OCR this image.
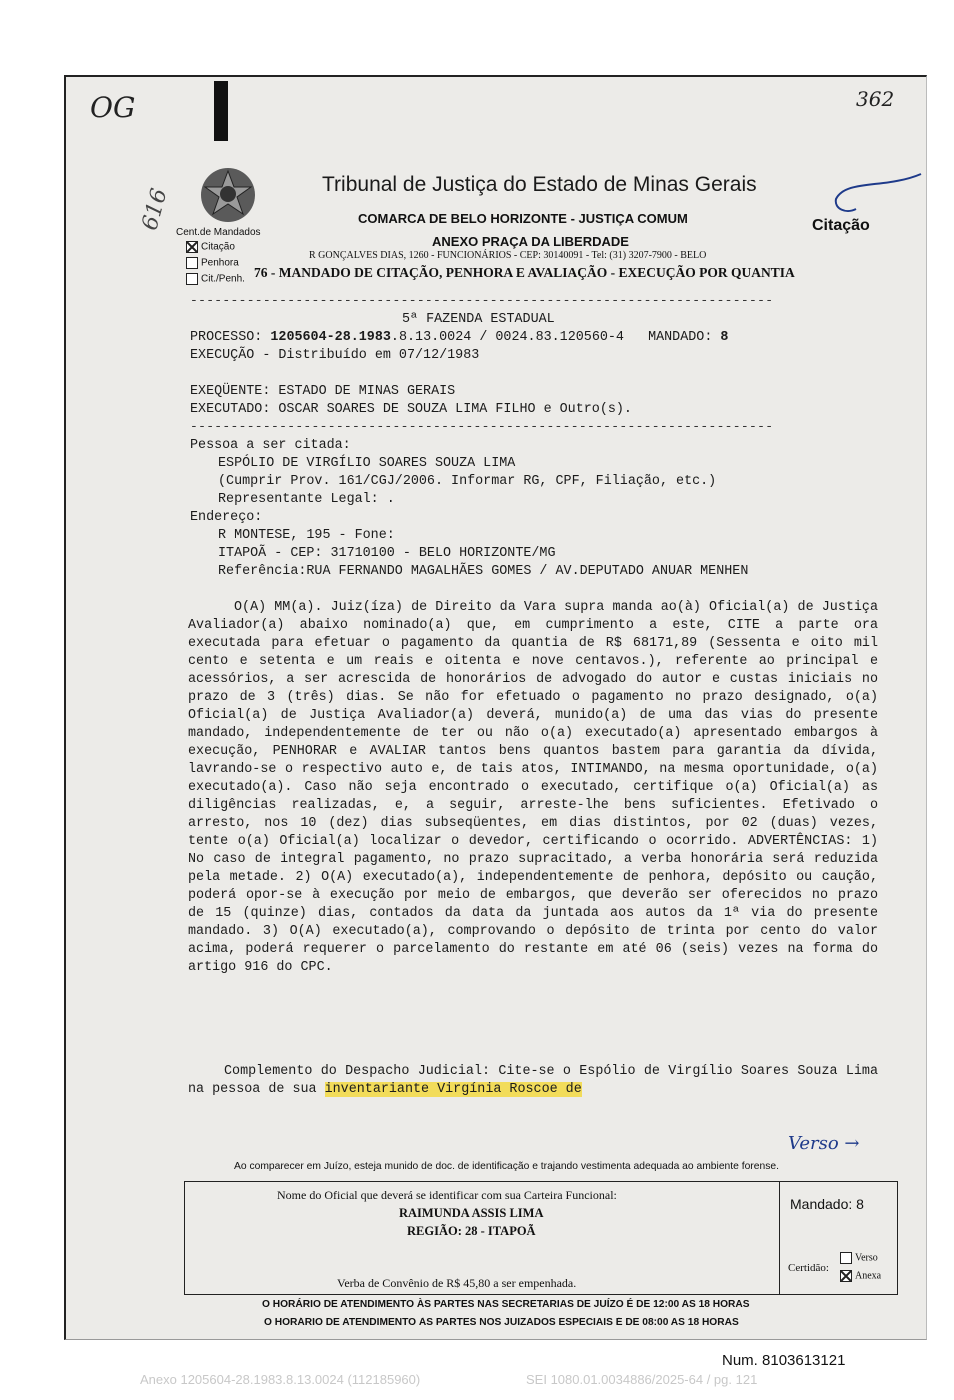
OG	362
616
Tribunal de Justiça do Estado de Minas Gerais
COMARCA DE BELO HORIZONTE - JUSTIÇA COMUM
ANEXO PRAÇA DA LIBERDADE
R GONÇALVES DIAS, 1260 - FUNCIONÁRIOS - CEP: 30140091 - Tel: (31) 3207-7900 - BELO
76 - MANDADO DE CITAÇÃO, PENHORA E AVALIAÇÃO - EXECUÇÃO POR QUANTIA
Citação
Cent.de Mandados
Citação
Penhora
Cit./Penh.
------------------------------------------------------------------------
5ª FAZENDA ESTADUAL
PROCESSO: 1205604-28.1983.8.13.0024 / 0024.83.120560-4 MANDADO: 8
EXECUÇÃO - Distribuído em 07/12/1983
EXEQÜENTE: ESTADO DE MINAS GERAIS
EXECUTADO: OSCAR SOARES DE SOUZA LIMA FILHO e Outro(s).
------------------------------------------------------------------------
Pessoa a ser citada:
ESPÓLIO DE VIRGÍLIO SOARES SOUZA LIMA
(Cumprir Prov. 161/CGJ/2006. Informar RG, CPF, Filiação, etc.)
Representante Legal: .
Endereço:
R MONTESE, 195 - Fone:
ITAPOÃ - CEP: 31710100 - BELO HORIZONTE/MG
Referência:RUA FERNANDO MAGALHÃES GOMES / AV.DEPUTADO ANUAR MENHEN
O(A) MM(a). Juiz(íza) de Direito da Vara supra manda ao(à) Oficial(a) de Justiça Avaliador(a) abaixo nominado(a) que, em cumprimento a este, CITE a parte ora executada para efetuar o pagamento da quantia de R$ 68171,89 (Sessenta e oito mil cento e setenta e um reais e oitenta e nove centavos.), referente ao principal e acessórios, a ser acrescida de honorários de advogado do autor e custas iniciais no prazo de 3 (três) dias. Se não for efetuado o pagamento no prazo designado, o(a) Oficial(a) de Justiça Avaliador(a) deverá, munido(a) de uma das vias do presente mandado, independentemente de ter ou não o(a) executado(a) apresentado embargos à execução, PENHORAR e AVALIAR tantos bens quantos bastem para garantia da dívida, lavrando-se o respectivo auto e, de tais atos, INTIMANDO, na mesma oportunidade, o(a) executado(a). Caso não seja encontrado o executado, certifique o(a) Oficial(a) as diligências realizadas, e, a seguir, arreste-lhe bens suficientes. Efetivado o arresto, nos 10 (dez) dias subseqüentes, em dias distintos, por 02 (duas) vezes, tente o(a) Oficial(a) localizar o devedor, certificando o ocorrido. ADVERTÊNCIAS: 1) No caso de integral pagamento, no prazo supracitado, a verba honorária será reduzida pela metade. 2) O(A) executado(a), independentemente de penhora, depósito ou caução, poderá opor-se à execução por meio de embargos, que deverão ser oferecidos no prazo de 15 (quinze) dias, contados da data da juntada aos autos da 1ª via do presente mandado. 3) O(A) executado(a), comprovando o depósito de trinta por cento do valor acima, poderá requerer o parcelamento do restante em até 06 (seis) vezes na forma do artigo 916 do CPC.
Complemento do Despacho Judicial: Cite-se o Espólio de Virgílio Soares Souza Lima na pessoa de sua inventariante Virgínia Roscoe de
Verso →
Ao comparecer em Juízo, esteja munido de doc. de identificação e trajando vestimenta adequada ao ambiente forense.
Nome do Oficial que deverá se identificar com sua Carteira Funcional:
RAIMUNDA ASSIS LIMA
REGIÃO: 28 - ITAPOÃ
Verba de Convênio de R$ 45,80 a ser empenhada.
Mandado: 8
Certidão:
Verso
Anexa
O HORÁRIO DE ATENDIMENTO ÀS PARTES NAS SECRETARIAS DE JUÍZO É DE 12:00 AS 18 HORAS
O HORÁRIO DE ATENDIMENTO ÀS PARTES NOS JUIZADOS ESPECIAIS É DE 08:00 AS 18 HORAS
Num. 8103613121
Anexo 1205604-28.1983.8.13.0024 (112185960)	SEI 1080.01.0034886/2025-64 / pg. 121
